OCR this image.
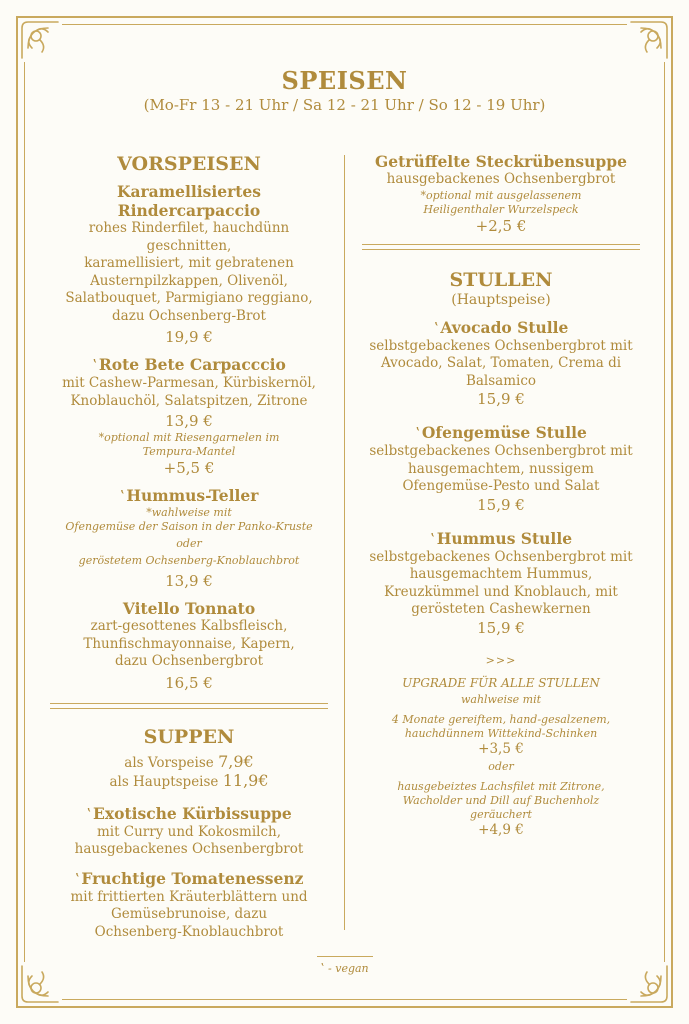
SPEISEN
(Mo-Fr 13 - 21 Uhr / Sa 12 - 21 Uhr / So 12 - 19 Uhr)
VORSPEISEN
Karamellisiertes
Rindercarpaccio
rohes Rinderfilet, hauchdünn geschnitten,
karamellisiert, mit gebratenen
Austernpilzkappen, Olivenöl,
Salatbouquet, Parmigiano reggiano,
dazu Ochsenberg-Brot
19,9 €
ʽ Rote Bete Carpacccio
mit Cashew-Parmesan, Kürbiskernöl,
Knoblauchöl, Salatspitzen, Zitrone
13,9 €
*optional mit Riesengarnelen im
Tempura-Mantel
+5,5 €
ʽ Hummus-Teller
*wahlweise mit
Ofengemüse der Saison in der Panko-Kruste
oder
geröstetem Ochsenberg-Knoblauchbrot
13,9 €
Vitello Tonnato
zart-gesottenes Kalbsfleisch,
Thunfischmayonnaise, Kapern,
dazu Ochsenbergbrot
16,5 €
SUPPEN
als Vorspeise 7,9€
als Hauptspeise 11,9€
ʽ Exotische Kürbissuppe
mit Curry und Kokosmilch,
hausgebackenes Ochsenbergbrot
ʽ Fruchtige Tomatenessenz
mit frittierten Kräuterblättern und
Gemüsebrunoise, dazu
Ochsenberg-Knoblauchbrot
Getrüffelte Steckrübensuppe
hausgebackenes Ochsenbergbrot
*optional mit ausgelassenem
Heiligenthaler Wurzelspeck
+2,5 €
STULLEN
(Hauptspeise)
ʽ Avocado Stulle
selbstgebackenes Ochsenbergbrot mit
Avocado, Salat, Tomaten, Crema di
Balsamico
15,9 €
ʽ Ofengemüse Stulle
selbstgebackenes Ochsenbergbrot mit
hausgemachtem, nussigem
Ofengemüse-Pesto und Salat
15,9 €
ʽ Hummus Stulle
selbstgebackenes Ochsenbergbrot mit
hausgemachtem Hummus,
Kreuzkümmel und Knoblauch, mit
gerösteten Cashewkernen
15,9 €
>>>
UPGRADE FÜR ALLE STULLEN
wahlweise mit
4 Monate gereiftem, hand-gesalzenem,
hauchdünnem Wittekind-Schinken
+3,5 €
oder
hausgebeiztes Lachsfilet mit Zitrone,
Wacholder und Dill auf Buchenholz
geräuchert
+4,9 €
ʽ - vegan
